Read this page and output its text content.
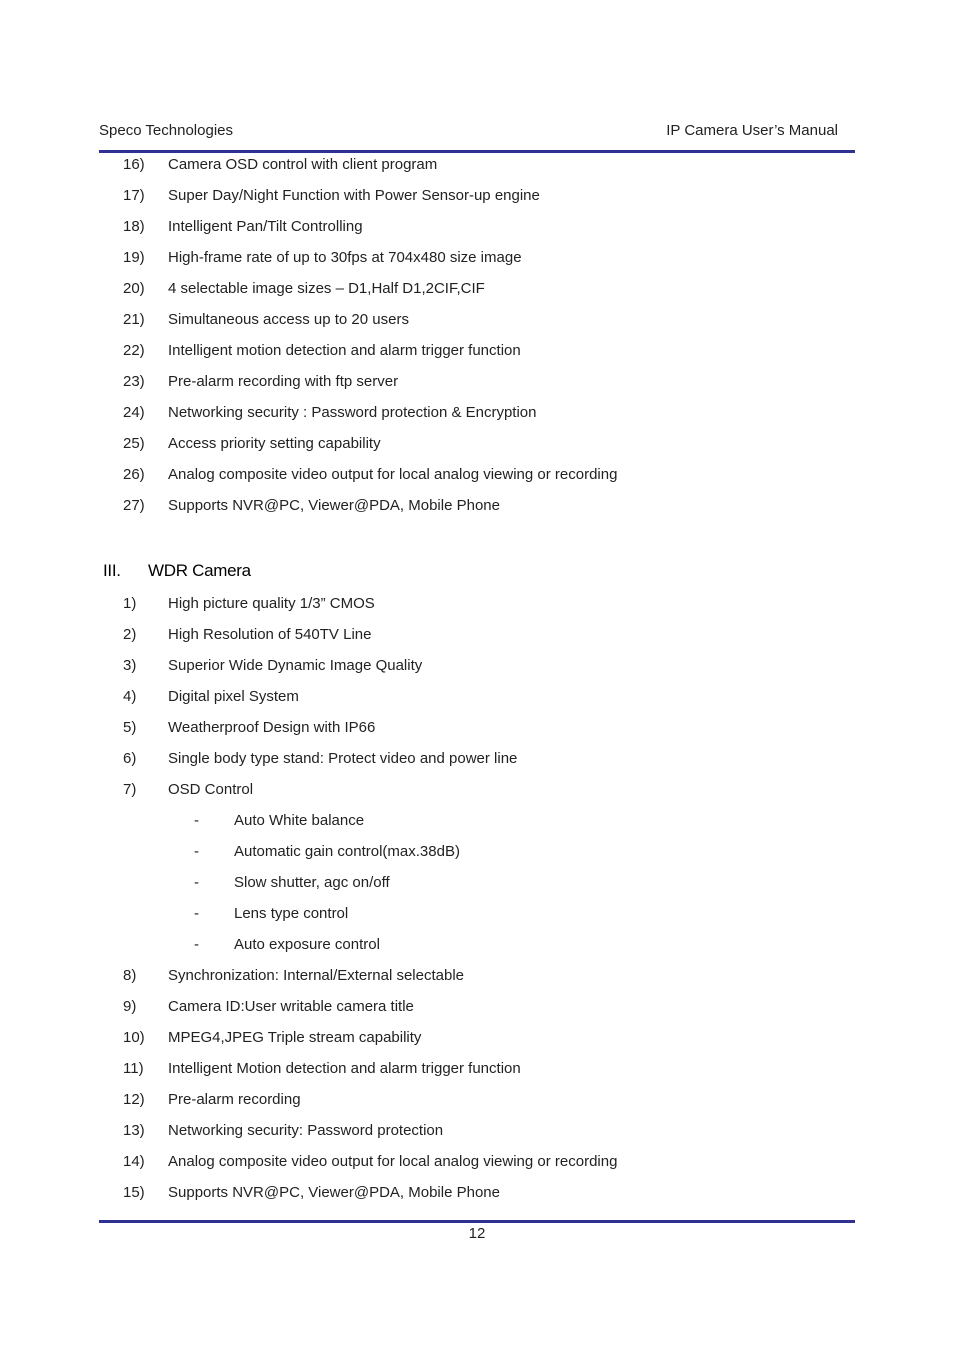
Speco Technologies	IP Camera User’s Manual
16)	Camera OSD control with client program
17)	Super Day/Night Function with Power Sensor-up engine
18)	Intelligent Pan/Tilt Controlling
19)	High-frame rate of up to 30fps at 704x480 size image
20)	4 selectable image sizes – D1,Half D1,2CIF,CIF
21)	Simultaneous access up to 20 users
22)	Intelligent motion detection and alarm trigger function
23)	Pre-alarm recording with ftp server
24)	Networking security : Password protection & Encryption
25)	Access priority setting capability
26)	Analog composite video output for local analog viewing or recording
27)	Supports NVR@PC, Viewer@PDA, Mobile Phone
III. WDR Camera
1)	High picture quality 1/3” CMOS
2)	High Resolution of 540TV Line
3)	Superior Wide Dynamic Image Quality
4)	Digital pixel System
5)	Weatherproof Design with IP66
6)	Single body type stand: Protect video and power line
7)	OSD Control
- Auto White balance
- Automatic gain control(max.38dB)
- Slow shutter, agc on/off
- Lens type control
- Auto exposure control
8)	Synchronization: Internal/External selectable
9)	Camera ID:User writable camera title
10)	MPEG4,JPEG Triple stream capability
11)	Intelligent Motion detection and alarm trigger function
12)	Pre-alarm recording
13)	Networking security: Password protection
14)	Analog composite video output for local analog viewing or recording
15)	Supports NVR@PC, Viewer@PDA, Mobile Phone
12
